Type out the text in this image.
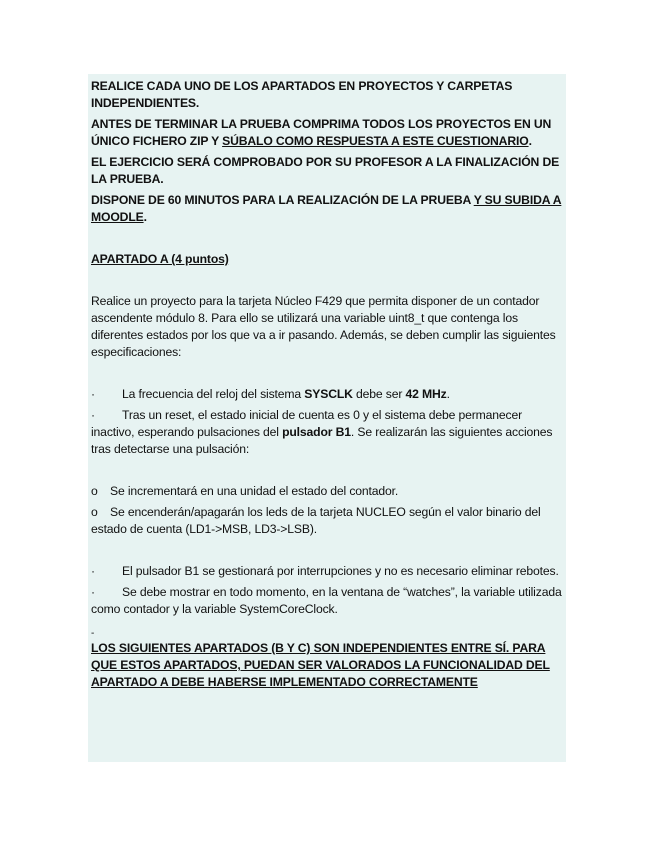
REALICE CADA UNO DE LOS APARTADOS EN PROYECTOS Y CARPETAS INDEPENDIENTES.

ANTES DE TERMINAR LA PRUEBA COMPRIMA TODOS LOS PROYECTOS EN UN ÚNICO FICHERO ZIP Y SÚBALO COMO RESPUESTA A ESTE CUESTIONARIO.

EL EJERCICIO SERÁ COMPROBADO POR SU PROFESOR A LA FINALIZACIÓN DE LA PRUEBA.

DISPONE DE 60 MINUTOS PARA LA REALIZACIÓN DE LA PRUEBA Y SU SUBIDA A MOODLE.

APARTADO A (4 puntos)

Realice un proyecto para la tarjeta Núcleo F429 que permita disponer de un contador ascendente módulo 8. Para ello se utilizará una variable uint8_t que contenga los diferentes estados por los que va a ir pasando. Además, se deben cumplir las siguientes especificaciones:

· La frecuencia del reloj del sistema SYSCLK debe ser 42 MHz.

· Tras un reset, el estado inicial de cuenta es 0 y el sistema debe permanecer inactivo, esperando pulsaciones del pulsador B1. Se realizarán las siguientes acciones tras detectarse una pulsación:

o Se incrementará en una unidad el estado del contador.

o Se encenderán/apagarán los leds de la tarjeta NUCLEO según el valor binario del estado de cuenta (LD1->MSB, LD3->LSB).

· El pulsador B1 se gestionará por interrupciones y no es necesario eliminar rebotes.

· Se debe mostrar en todo momento, en la ventana de “watches”, la variable utilizada como contador y la variable SystemCoreClock.

-

LOS SIGUIENTES APARTADOS (B Y C) SON INDEPENDIENTES ENTRE SÍ. PARA QUE ESTOS APARTADOS, PUEDAN SER VALORADOS LA FUNCIONALIDAD DEL APARTADO A DEBE HABERSE IMPLEMENTADO CORRECTAMENTE
